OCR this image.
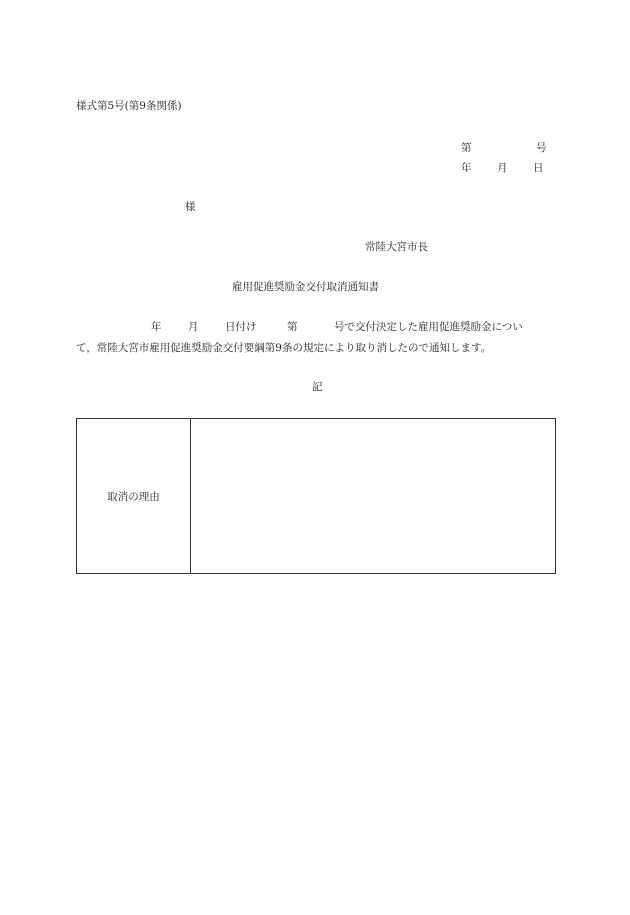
様式第5号(第9条関係)
第	号
年 月 日
様
常陸大宮市長
雇用促進奨励金交付取消通知書
年	月	日付け	第	号で交付決定した雇用促進奨励金につい
て，常陸大宮市雇用促進奨励金交付要綱第9条の規定により取り消したので通知します。
記
取消の理由
